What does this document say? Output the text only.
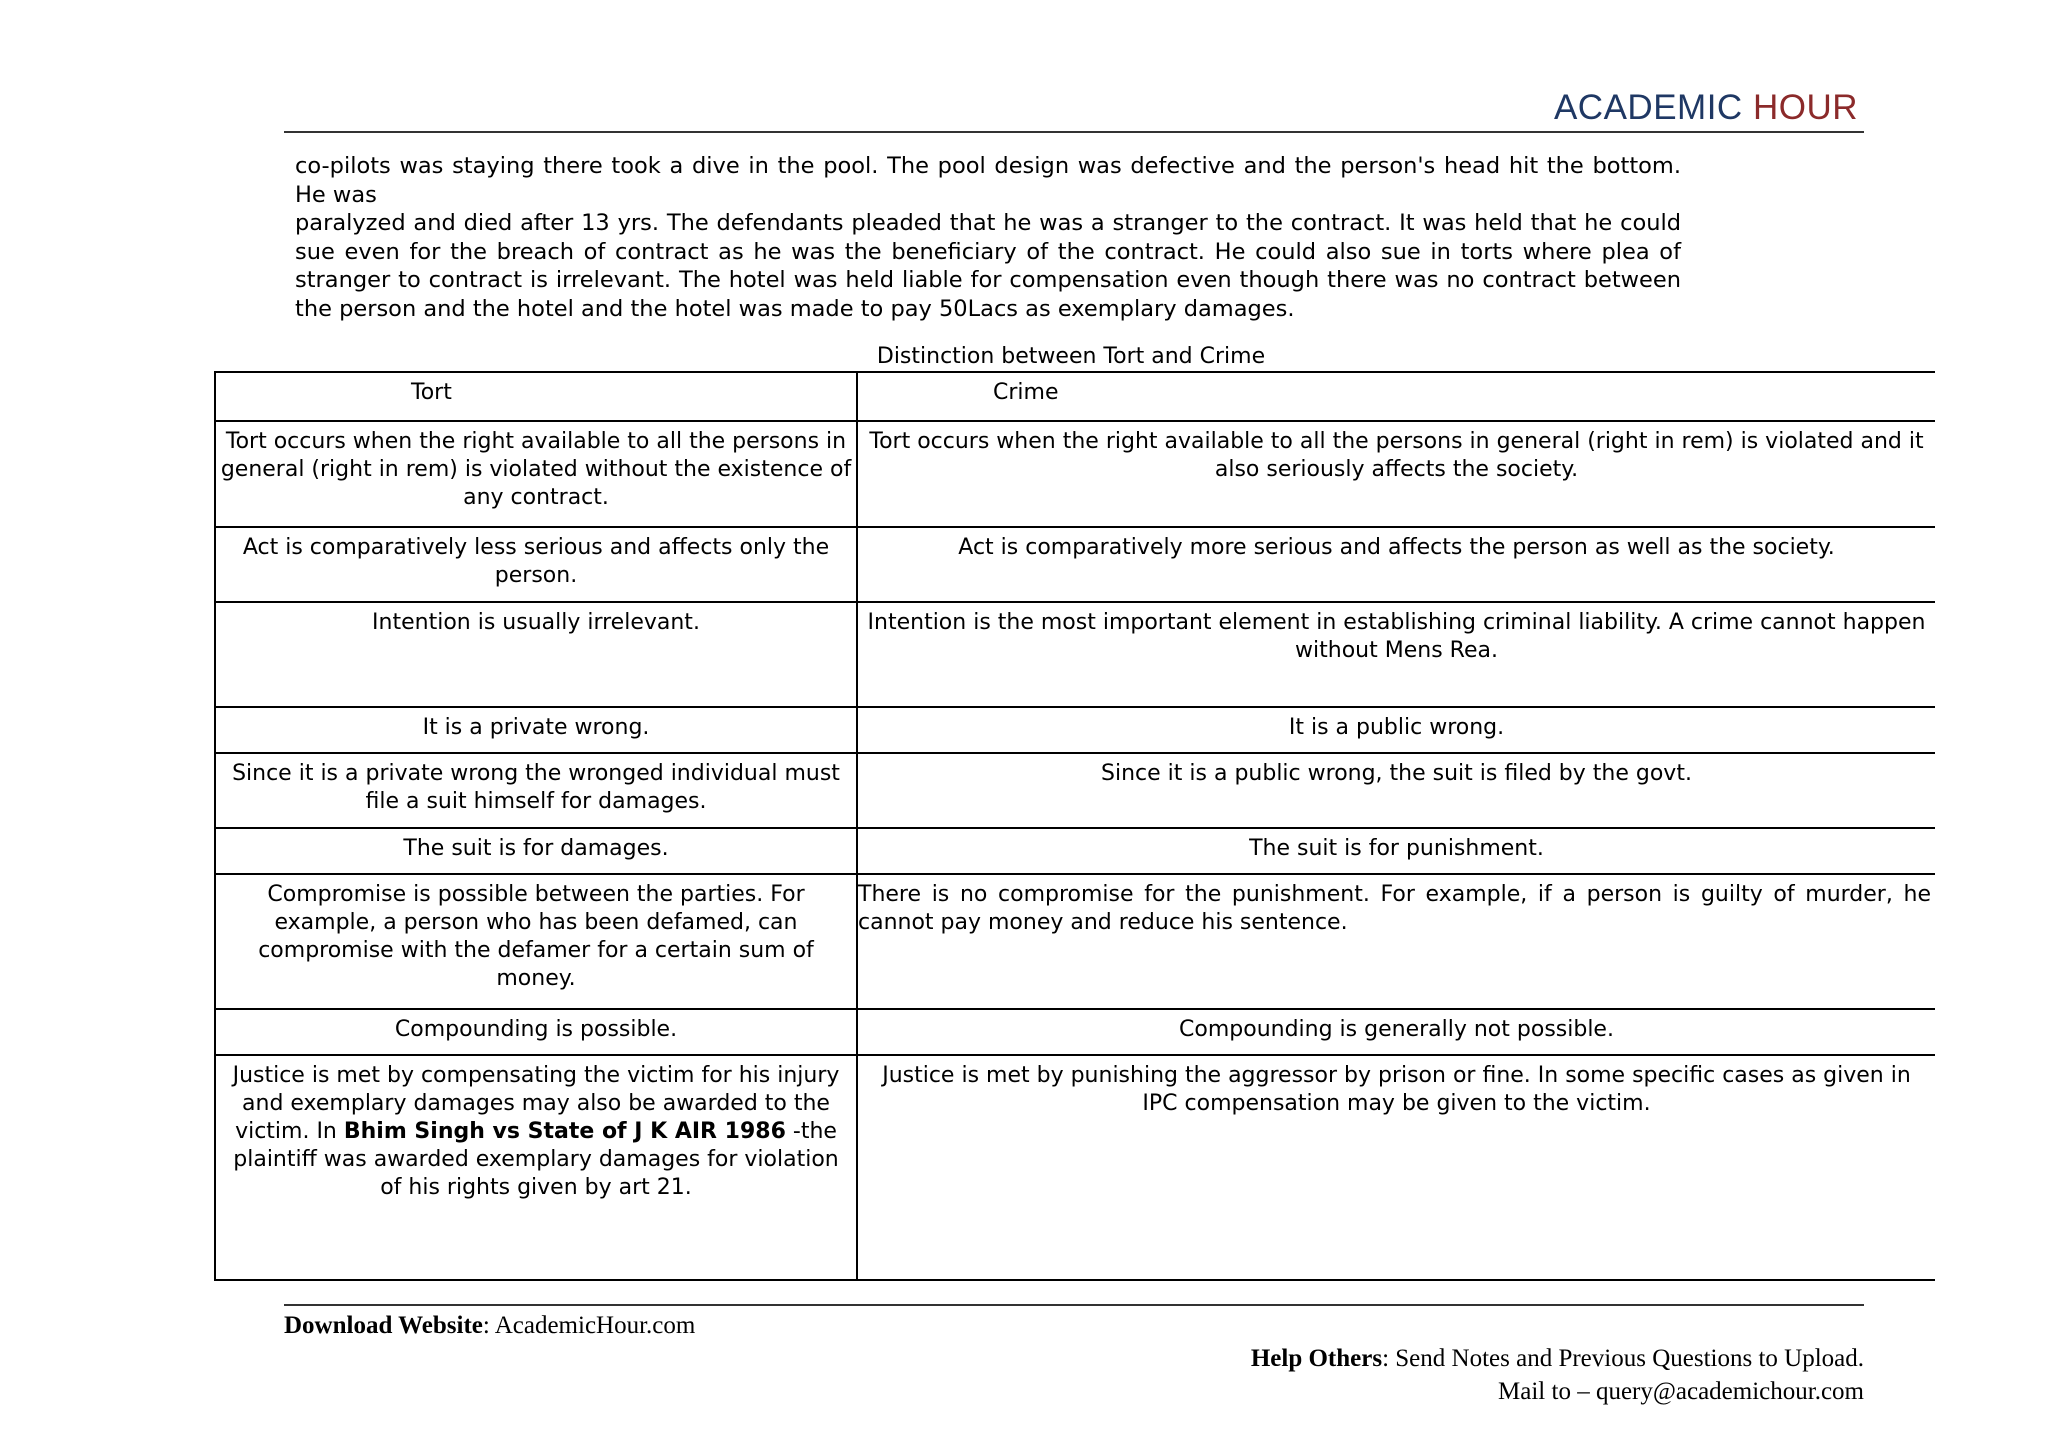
ACADEMIC HOUR

co-pilots was staying there took a dive in the pool. The pool design was defective and the person's head hit the bottom. He was

paralyzed and died after 13 yrs. The defendants pleaded that he was a stranger to the contract. It was held that he could sue even for the breach of contract as he was the beneficiary of the contract. He could also sue in torts where plea of stranger to contract is irrelevant. The hotel was held liable for compensation even though there was no contract between the person and the hotel and the hotel was made to pay 50Lacs as exemplary damages.

Distinction between Tort and Crime
Tort	Crime
Tort occurs when the right available to all the persons in general (right in rem) is violated without the existence of any contract.	Tort occurs when the right available to all the persons in general (right in rem) is violated and it also seriously affects the society.
Act is comparatively less serious and affects only the person.	Act is comparatively more serious and affects the person as well as the society.
Intention is usually irrelevant.	Intention is the most important element in establishing criminal liability. A crime cannot happen without Mens Rea.
It is a private wrong.	It is a public wrong.
Since it is a private wrong the wronged individual must file a suit himself for damages.	Since it is a public wrong, the suit is filed by the govt.
The suit is for damages.	The suit is for punishment.
Compromise is possible between the parties. For example, a person who has been defamed, can compromise with the defamer for a certain sum of money.	There is no compromise for the punishment. For example, if a person is guilty of murder, he cannot pay money and reduce his sentence.
Compounding is possible.	Compounding is generally not possible.
Justice is met by compensating the victim for his injury and exemplary damages may also be awarded to the victim. In Bhim Singh vs State of J K AIR 1986 -the plaintiff was awarded exemplary damages for violation of his rights given by art 21.	Justice is met by punishing the aggressor by prison or fine. In some specific cases as given in IPC compensation may be given to the victim.
Download Website: AcademicHour.com
Help Others: Send Notes and Previous Questions to Upload.
Mail to – query@academichour.com
